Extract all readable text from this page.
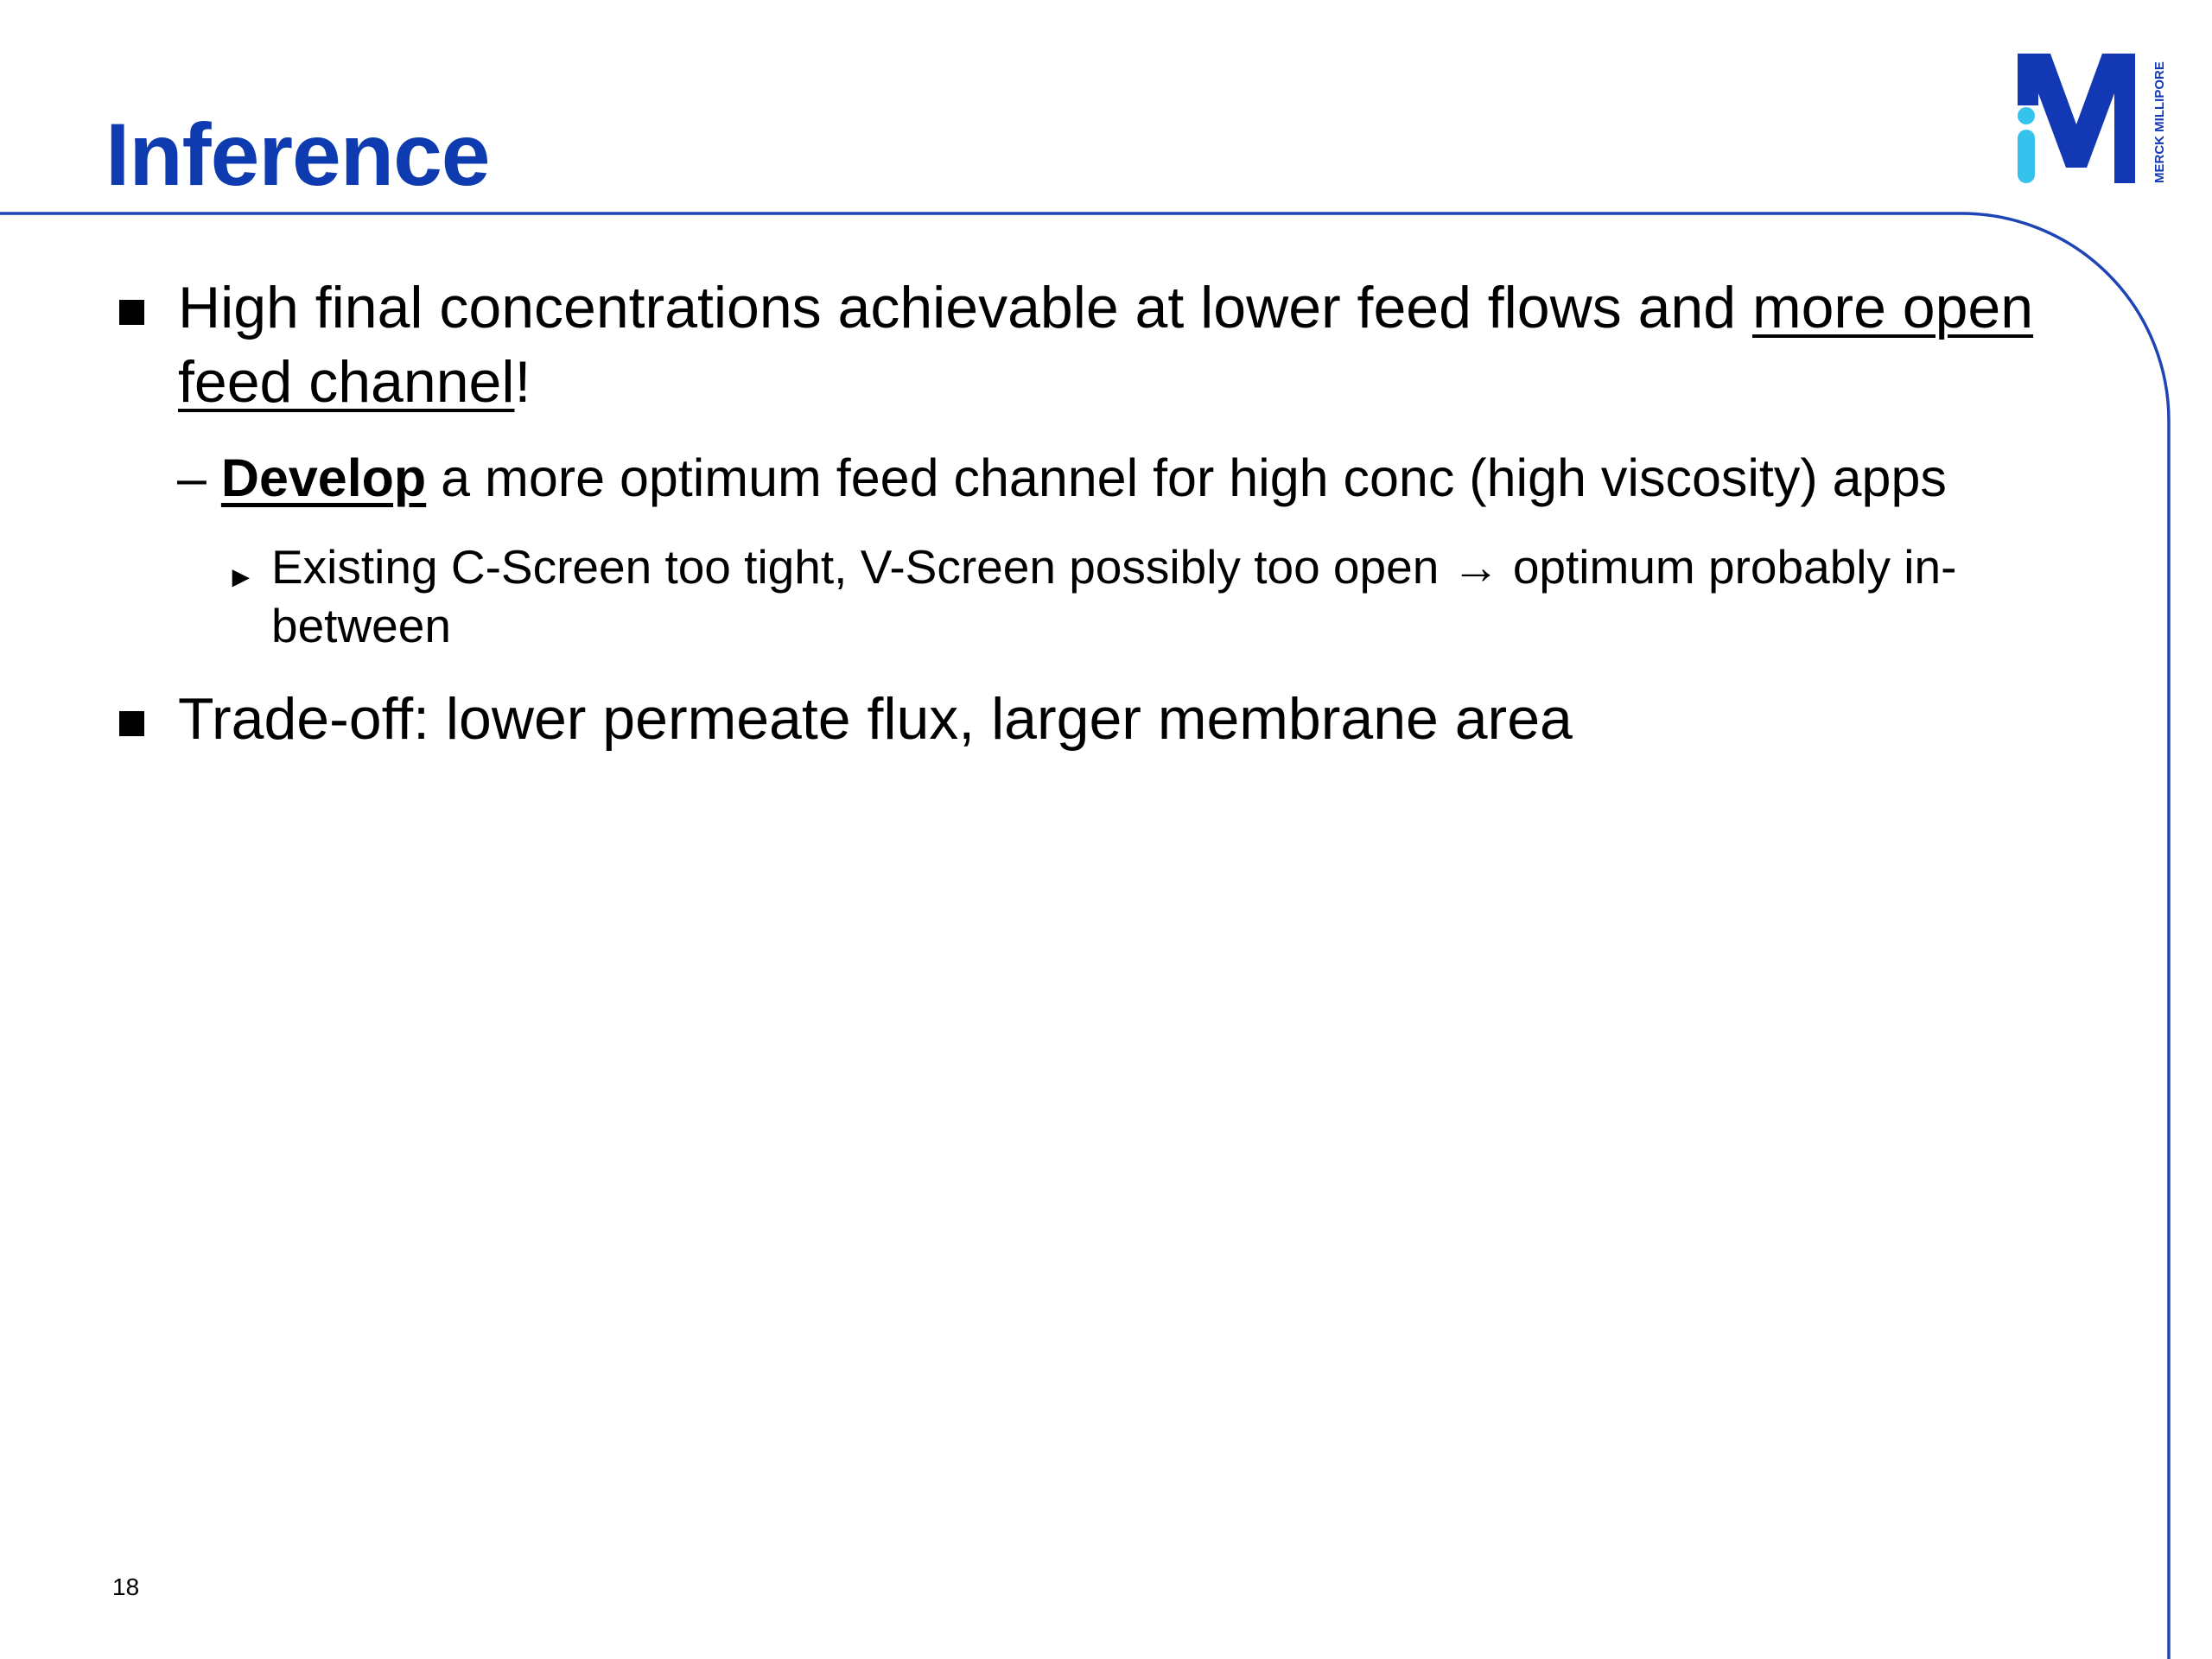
Inference	MERCK MILLIPORE
High final concentrations achievable at lower feed flows and more open feed channel!
– Develop a more optimum feed channel for high conc (high viscosity) apps
► Existing C-Screen too tight, V-Screen possibly too open → optimum probably in-between
Trade-off: lower permeate flux, larger membrane area
18
